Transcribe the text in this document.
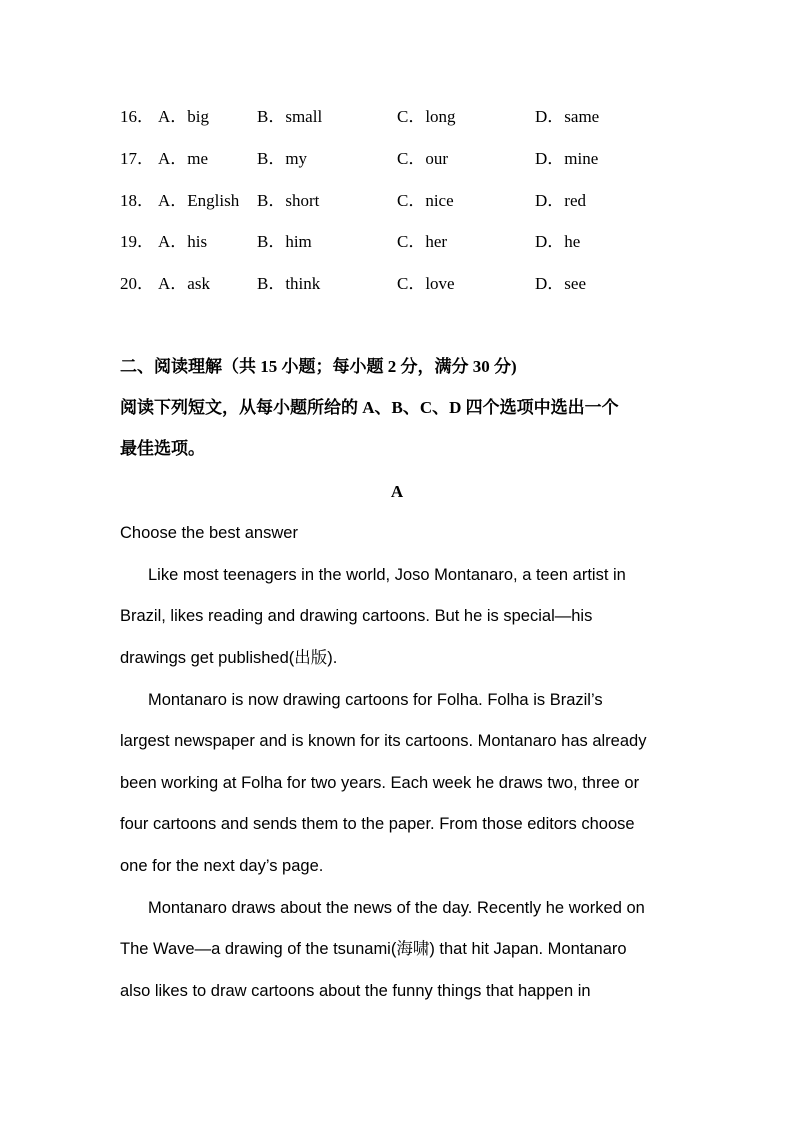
16． A．big	B．small	C．long	D．same
17． A．me	B．my	C．our	D．mine
18． A．English B．short	C．nice	D．red
19． A．his	B．him	C．her	D．he
20． A．ask	B．think	C．love	D．see
二、阅读理解（共 15 小题；每小题 2 分，满分 30 分)
阅读下列短文，从每小题所给的 A、B、C、D 四个选项中选出一个
最佳选项。
A
Choose the best answer
Like most teenagers in the world, Joso Montanaro, a teen artist in
Brazil, likes reading and drawing cartoons. But he is special—his
drawings get published(出版).
Montanaro is now drawing cartoons for Folha. Folha is Brazil’s
largest newspaper and is known for its cartoons. Montanaro has already
been working at Folha for two years. Each week he draws two, three or
four cartoons and sends them to the paper. From those editors choose
one for the next day’s page.
Montanaro draws about the news of the day. Recently he worked on
The Wave—a drawing of the tsunami(海啸) that hit Japan. Montanaro
also likes to draw cartoons about the funny things that happen in
